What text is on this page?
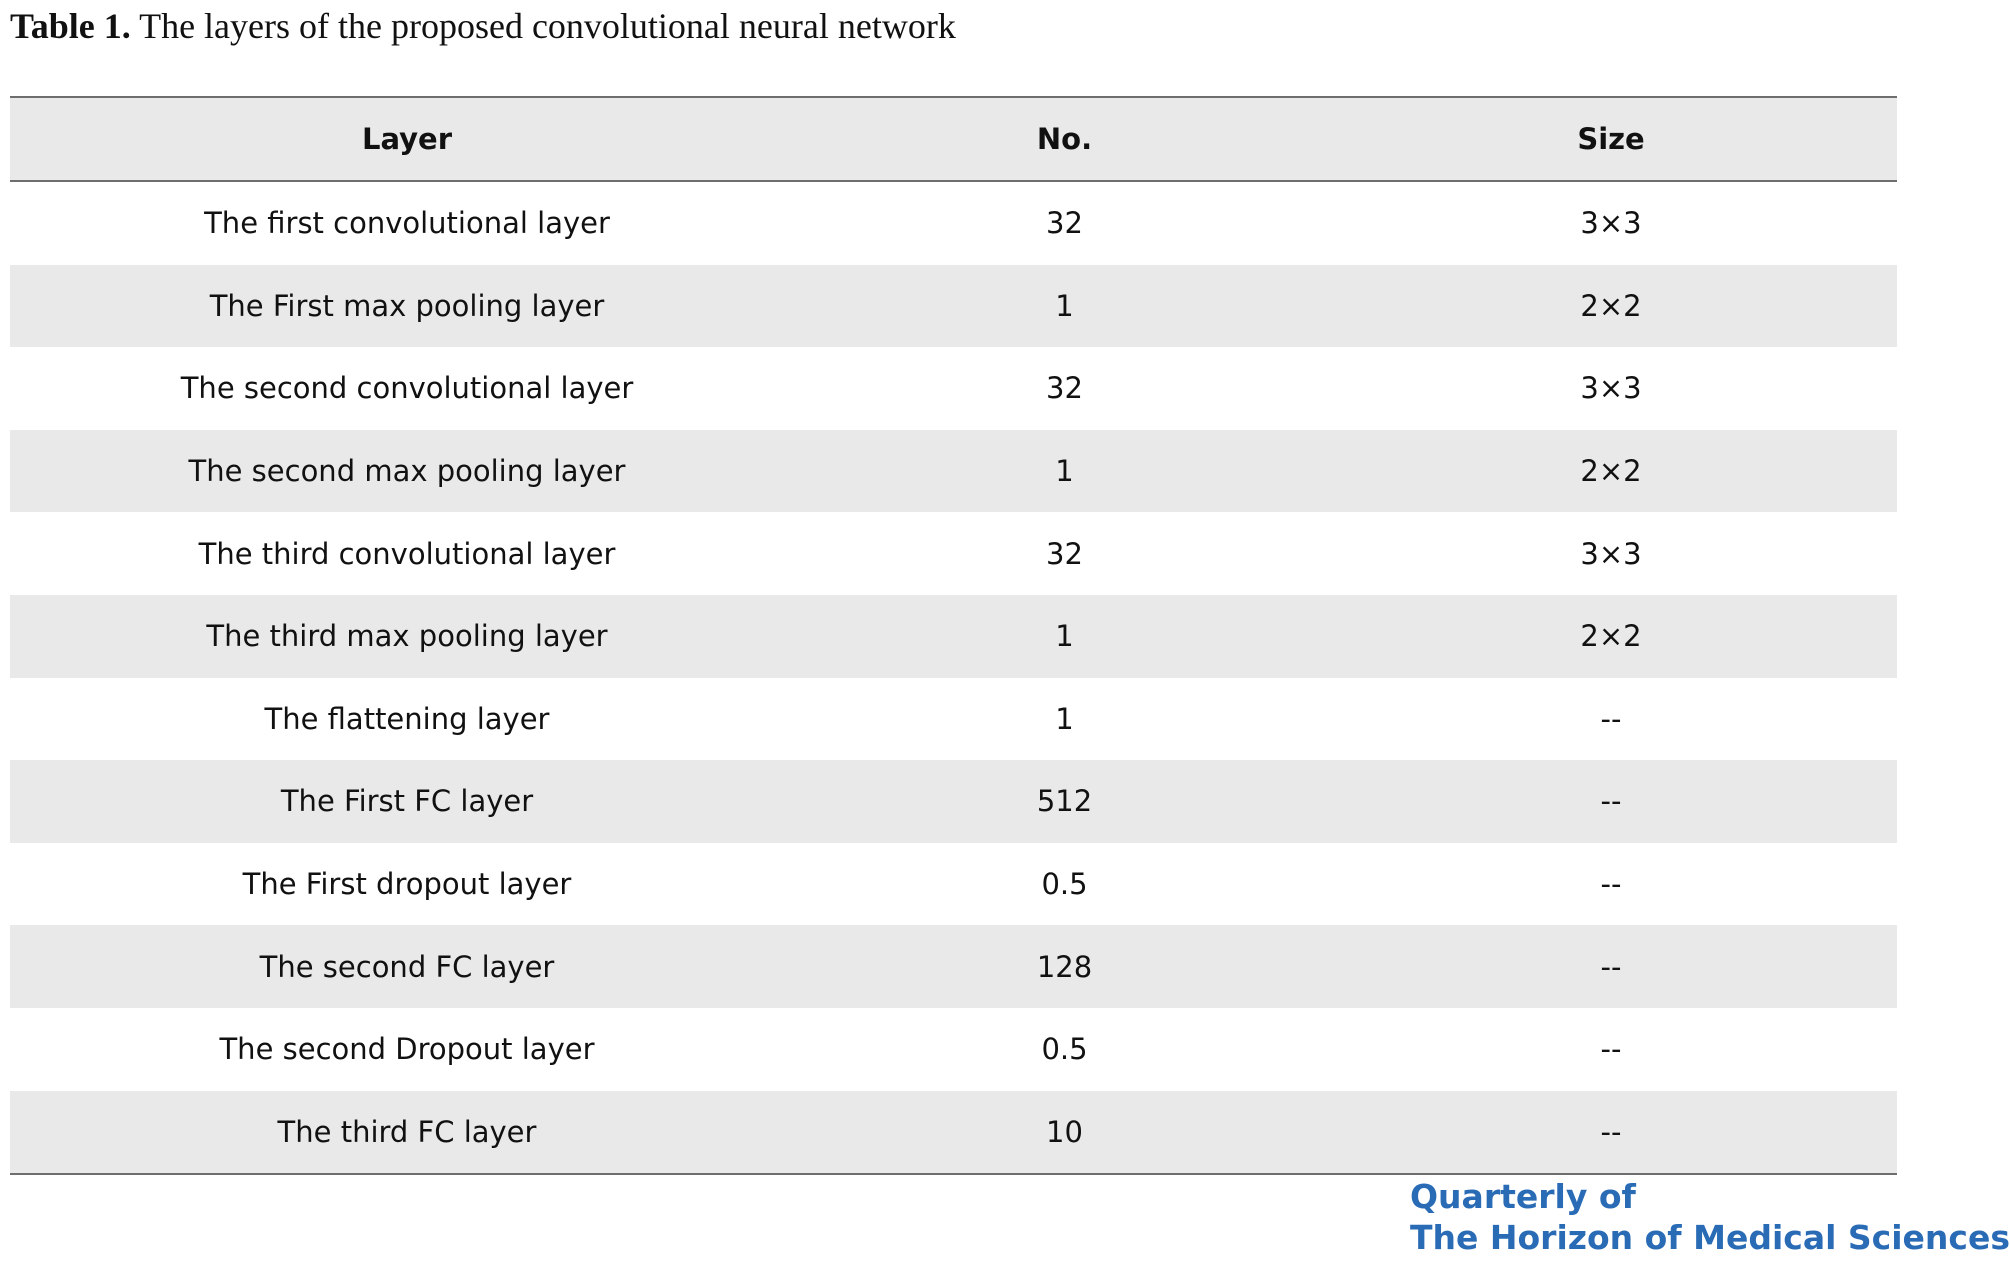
Table 1. The layers of the proposed convolutional neural network
Layer	No.	Size
The first convolutional layer	32	3×3
The First max pooling layer	1	2×2
The second convolutional layer	32	3×3
The second max pooling layer	1	2×2
The third convolutional layer	32	3×3
The third max pooling layer	1	2×2
The flattening layer	1	--
The First FC layer	512	--
The First dropout layer	0.5	--
The second FC layer	128	--
The second Dropout layer	0.5	--
The third FC layer	10	--
Quarterly of
The Horizon of Medical Sciences
